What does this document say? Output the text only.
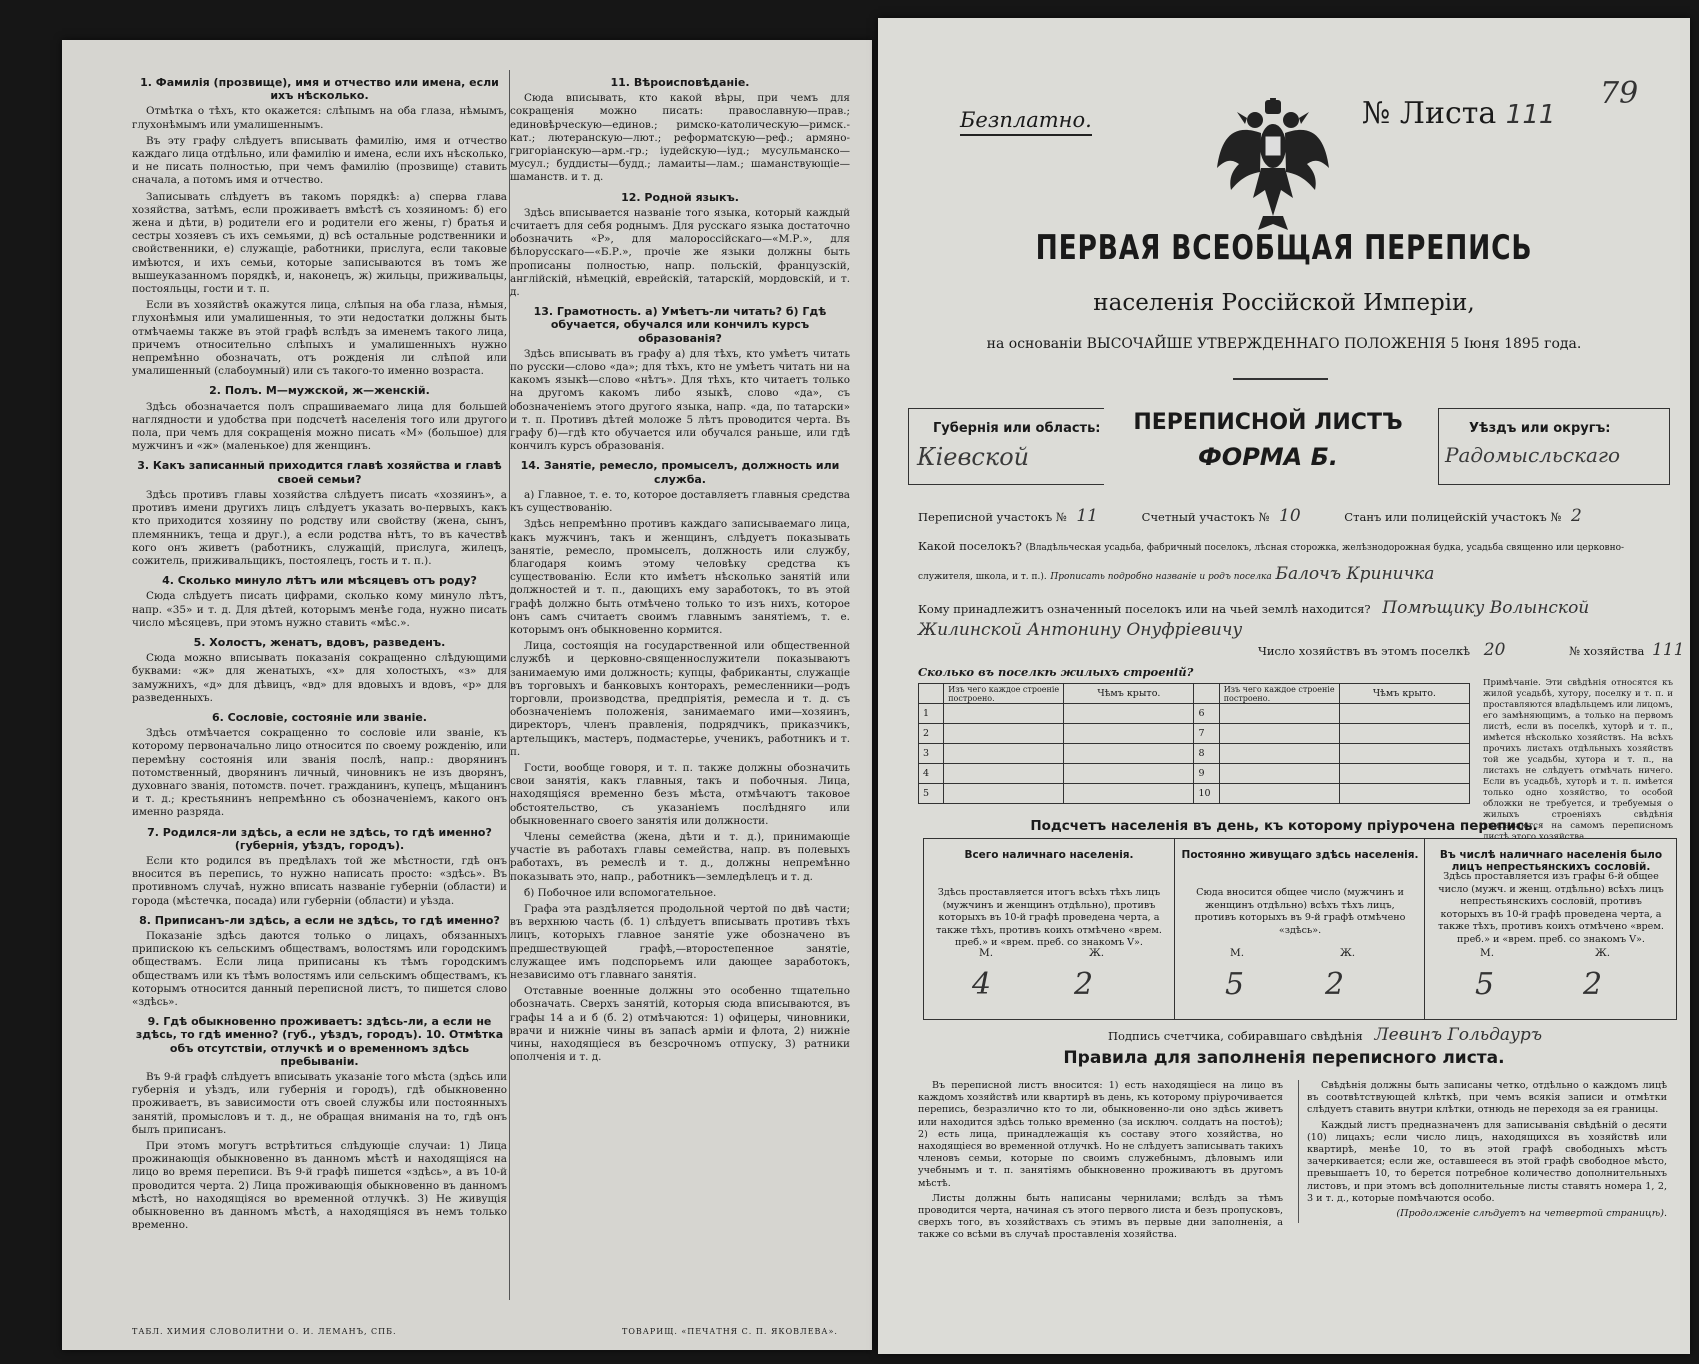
1. Фамилія (прозвище), имя и отчество или имена, если ихъ нѣсколько.

Отмѣтка о тѣхъ, кто окажется: слѣпымъ на оба глаза, нѣмымъ, глухонѣмымъ или умалишеннымъ.

Въ эту графу слѣдуетъ вписывать фамилію, имя и отчество каждаго лица отдѣльно, или фамилію и имена, если ихъ нѣсколько, и не писать полностью, при чемъ фамилію (прозвище) ставить сначала, а потомъ имя и отчество.

Записывать слѣдуетъ въ такомъ порядкѣ: а) сперва глава хозяйства, затѣмъ, если проживаетъ вмѣстѣ съ хозяиномъ: б) его жена и дѣти, в) родители его и родители его жены, г) братья и сестры хозяевъ съ ихъ семьями, д) всѣ остальные родственники и свойственники, е) служащіе, работники, прислуга, если таковые имѣются, и ихъ семьи, которые записываются въ томъ же вышеуказанномъ порядкѣ, и, наконецъ, ж) жильцы, приживальцы, постояльцы, гости и т. п.

Если въ хозяйствѣ окажутся лица, слѣпыя на оба глаза, нѣмыя, глухонѣмыя или умалишенныя, то эти недостатки должны быть отмѣчаемы также въ этой графѣ вслѣдъ за именемъ такого лица, причемъ относительно слѣпыхъ и умалишенныхъ нужно непремѣнно обозначать, отъ рожденія ли слѣпой или умалишенный (слабоумный) или съ такого-то именно возраста.

2. Полъ. М—мужской, ж—женскій.

Здѣсь обозначается полъ спрашиваемаго лица для большей наглядности и удобства при подсчетѣ населенія того или другого пола, при чемъ для сокращенія можно писать «М» (большое) для мужчинъ и «ж» (маленькое) для женщинъ.

3. Какъ записанный приходится главѣ хозяйства и главѣ своей семьи?

Здѣсь противъ главы хозяйства слѣдуетъ писать «хозяинъ», а противъ имени другихъ лицъ слѣдуетъ указать во-первыхъ, какъ кто приходится хозяину по родству или свойству (жена, сынъ, племянникъ, теща и друг.), а если родства нѣтъ, то въ качествѣ кого онъ живетъ (работникъ, служащій, прислуга, жилецъ, сожитель, приживальщикъ, постоялецъ, гость и т. п.).

4. Сколько минуло лѣтъ или мѣсяцевъ отъ роду?

Сюда слѣдуетъ писать цифрами, сколько кому минуло лѣтъ, напр. «35» и т. д. Для дѣтей, которымъ менѣе года, нужно писать число мѣсяцевъ, при этомъ нужно ставить «мѣс.».

5. Холостъ, женатъ, вдовъ, разведенъ.

Сюда можно вписывать показанія сокращенно слѣдующими буквами: «ж» для женатыхъ, «х» для холостыхъ, «з» для замужнихъ, «д» для дѣвицъ, «вд» для вдовыхъ и вдовъ, «р» для разведенныхъ.

6. Сословіе, состояніе или званіе.

Здѣсь отмѣчается сокращенно то сословіе или званіе, къ которому первоначально лицо относится по своему рожденію, или перемѣну состоянія или званія послѣ, напр.: дворянинъ потомственный, дворянинъ личный, чиновникъ не изъ дворянъ, духовнаго званія, потомств. почет. гражданинъ, купецъ, мѣщанинъ и т. д.; крестьянинъ непремѣнно съ обозначеніемъ, какого онъ именно разряда.

7. Родился-ли здѣсь, а если не здѣсь, то гдѣ именно? (губернія, уѣздъ, городъ).

Если кто родился въ предѣлахъ той же мѣстности, гдѣ онъ вносится въ перепись, то нужно написать просто: «здѣсь». Въ противномъ случаѣ, нужно вписать названіе губерніи (области) и города (мѣстечка, посада) или губерніи (области) и уѣзда.

8. Приписанъ-ли здѣсь, а если не здѣсь, то гдѣ именно?

Показаніе здѣсь даются только о лицахъ, обязанныхъ припискою къ сельскимъ обществамъ, волостямъ или городскимъ обществамъ. Если лица приписаны къ тѣмъ городскимъ обществамъ или къ тѣмъ волостямъ или сельскимъ обществамъ, къ которымъ относится данный переписной листъ, то пишется слово «здѣсь».

9. Гдѣ обыкновенно проживаетъ: здѣсь-ли, а если не здѣсь, то гдѣ именно? (губ., уѣздъ, городъ). 10. Отмѣтка объ отсутствіи, отлучкѣ и о временномъ здѣсь пребываніи.

Въ 9-й графѣ слѣдуетъ вписывать указаніе того мѣста (здѣсь или губернія и уѣздъ, или губернія и городъ), гдѣ обыкновенно проживаетъ, въ зависимости отъ своей службы или постоянныхъ занятій, промысловъ и т. д., не обращая вниманія на то, гдѣ онъ былъ приписанъ.

При этомъ могутъ встрѣтиться слѣдующіе случаи: 1) Лица прожинающія обыкновенно въ данномъ мѣстѣ и находящіяся на лицо во время переписи. Въ 9-й графѣ пишется «здѣсь», а въ 10-й проводится черта. 2) Лица проживающія обыкновенно въ данномъ мѣстѣ, но находящіяся во временной отлучкѣ. 3) Не живущія обыкновенно въ данномъ мѣстѣ, а находящіяся въ немъ только временно.

11. Вѣроисповѣданіе.

Сюда вписывать, кто какой вѣры, при чемъ для сокращенія можно писать: православную—прав.; единовѣрческую—единов.; римско-католическую—римск.-кат.; лютеранскую—лют.; реформатскую—реф.; армяно-григоріанскую—арм.-гр.; іудейскую—іуд.; мусульманско—мусул.; буддисты—будд.; ламаиты—лам.; шаманствующіе—шаманств. и т. д.

12. Родной языкъ.

Здѣсь вписывается названіе того языка, который каждый считаетъ для себя роднымъ. Для русскаго языка достаточно обозначить «Р», для малороссійскаго—«М.Р.», для бѣлорусскаго—«Б.Р.», прочіе же языки должны быть прописаны полностью, напр. польскій, французскій, англійскій, нѣмецкій, еврейскій, татарскій, мордовскій, и т. д.

13. Грамотность. а) Умѣетъ-ли читать? б) Гдѣ обучается, обучался или кончилъ курсъ образованія?

Здѣсь вписывать въ графу а) для тѣхъ, кто умѣетъ читать по русски—слово «да»; для тѣхъ, кто не умѣетъ читать ни на какомъ языкѣ—слово «нѣтъ». Для тѣхъ, кто читаетъ только на другомъ какомъ либо языкѣ, слово «да», съ обозначеніемъ этого другого языка, напр. «да, по татарски» и т. п. Противъ дѣтей моложе 5 лѣтъ проводится черта. Въ графу б)—гдѣ кто обучается или обучался раньше, или гдѣ кончилъ курсъ образованія.

14. Занятіе, ремесло, промыселъ, должность или служба.

а) Главное, т. е. то, которое доставляетъ главныя средства къ существованію.

Здѣсь непремѣнно противъ каждаго записываемаго лица, какъ мужчинъ, такъ и женщинъ, слѣдуетъ показывать занятіе, ремесло, промыселъ, должность или службу, благодаря коимъ этому человѣку средства къ существованію. Если кто имѣетъ нѣсколько занятій или должностей и т. п., дающихъ ему заработокъ, то въ этой графѣ должно быть отмѣчено только то изъ нихъ, которое онъ самъ считаетъ своимъ главнымъ занятіемъ, т. е. которымъ онъ обыкновенно кормится.

Лица, состоящія на государственной или общественной службѣ и церковно-священнослужители показываютъ занимаемую ими должность; купцы, фабриканты, служащіе въ торговыхъ и банковыхъ конторахъ, ремесленники—родъ торговли, производства, предпріятія, ремесла и т. д. съ обозначеніемъ положенія, занимаемаго ими—хозяинъ, директоръ, членъ правленія, подрядчикъ, приказчикъ, артельщикъ, мастеръ, подмастерье, ученикъ, работникъ и т. п.

Гости, вообще говоря, и т. п. также должны обозначить свои занятія, какъ главныя, такъ и побочныя. Лица, находящіяся временно безъ мѣста, отмѣчаютъ таковое обстоятельство, съ указаніемъ послѣдняго или обыкновеннаго своего занятія или должности.

Члены семейства (жена, дѣти и т. д.), принимающіе участіе въ работахъ главы семейства, напр. въ полевыхъ работахъ, въ ремеслѣ и т. д., должны непремѣнно показывать это, напр., работникъ—земледѣлецъ и т. д.

б) Побочное или вспомогательное.

Графа эта раздѣляется продольной чертой по двѣ части; въ верхнюю часть (б. 1) слѣдуетъ вписывать противъ тѣхъ лицъ, которыхъ главное занятіе уже обозначено въ предшествующей графѣ,—второстепенное занятіе, служащее имъ подспорьемъ или дающее заработокъ, независимо отъ главнаго занятія.

Отставные военные должны это особенно тщательно обозначать. Сверхъ занятій, которыя сюда вписываются, въ графы 14 а и б (б. 2) отмѣчаются: 1) офицеры, чиновники, врачи и нижніе чины въ запасѣ арміи и флота, 2) нижніе чины, находящіеся въ безсрочномъ отпуску, 3) ратники ополченія и т. д.

ТАБЛ. ХИМИЯ СЛОВОЛИТНИ О. И. ЛЕМАНЪ, СПБ.	ТОВАРИЩ. «ПЕЧАТНЯ С. П. ЯКОВЛЕВА».
Безплатно.	№ Листа 111
79
ПЕРВАЯ ВСЕОБЩАЯ ПЕРЕПИСЬ
населенія Россійской Имперіи,
на основаніи ВЫСОЧАЙШЕ УТВЕРЖДЕННАГО ПОЛОЖЕНІЯ 5 Іюня 1895 года.
Губернія или область:
Кіевской
ПЕРЕПИСНОЙ ЛИСТЪ
ФОРМА Б.
Уѣздъ или округъ:
Радомысльскаго
Переписной участокъ № 11	Счетный участокъ № 10	Станъ или полицейскій участокъ № 2
Какой поселокъ? (Владѣльческая усадьба, фабричный поселокъ, лѣсная сторожка, желѣзнодорожная будка, усадьба священно или церковно-служителя, школа, и т. п.). Прописать подробно названіе и родъ поселка Балочъ Криничка
Кому принадлежитъ означенный поселокъ или на чьей землѣ находится? Помѣщику Волынской
Жилинской Антонину Онуфріевичу
Число хозяйствъ въ этомъ поселкѣ 20	№ хозяйства 111
Сколько въ поселкѣ жилыхъ строеній?
	Изъ чего каждое строеніе построено.	Чѣмъ крыто.		Изъ чего каждое строеніе построено.	Чѣмъ крыто.
1			6		
2			7		
3			8		
4			9		
5			10		
Примѣчаніе. Эти свѣдѣнія относятся къ жилой усадьбѣ, хутору, поселку и т. п. и проставляются владѣльцемъ или лицомъ, его замѣняющимъ, а только на первомъ листѣ, если въ поселкѣ, хуторѣ и т. п., имѣется нѣсколько хозяйствъ. На всѣхъ прочихъ листахъ отдѣльныхъ хозяйствъ той же усадьбы, хутора и т. п., на листахъ не слѣдуетъ отмѣчать ничего. Если въ усадьбѣ, хуторѣ и т. п. имѣется только одно хозяйство, то особой обложки не требуется, и требуемыя о жилыхъ строеніяхъ свѣдѣнія вписываются на самомъ переписномъ листѣ этого хозяйства.
Подсчетъ населенія въ день, къ которому пріурочена перепись.
Всего наличнаго населенія.
Здѣсь проставляется итогъ всѣхъ тѣхъ лицъ (мужчинъ и женщинъ отдѣльно), противъ которыхъ въ 10-й графѣ проведена черта, а также тѣхъ, противъ коихъ отмѣчено «врем. преб.» и «врем. преб. со знакомъ V».
М.	Ж.
4	2
Постоянно живущаго здѣсь населенія.
Сюда вносится общее число (мужчинъ и женщинъ отдѣльно) всѣхъ тѣхъ лицъ, противъ которыхъ въ 9-й графѣ отмѣчено «здѣсь».
М.	Ж.
5	2
Въ числѣ наличнаго населенія было лицъ непрестьянскихъ сословій.
Здѣсь проставляется изъ графы 6-й общее число (мужч. и женщ. отдѣльно) всѣхъ лицъ непрестьянскихъ сословій, противъ которыхъ въ 10-й графѣ проведена черта, а также тѣхъ, противъ коихъ отмѣчено «врем. преб.» и «врем. преб. со знакомъ V».
М.	Ж.
5	2
Подпись счетчика, собиравшаго свѣдѣнія Левинъ Гольдауръ
Правила для заполненія переписного листа.

Въ переписной листъ вносится: 1) есть находящіеся на лицо въ каждомъ хозяйствѣ или квартирѣ въ день, къ которому пріурочивается перепись, безразлично кто то ли, обыкновенно-ли оно здѣсь живетъ или находится здѣсь только временно (за исключ. солдатъ на постоѣ); 2) есть лица, принадлежащія къ составу этого хозяйства, но находящіеся во временной отлучкѣ. Но не слѣдуетъ записывать такихъ членовъ семьи, которые по своимъ служебнымъ, дѣловымъ или учебнымъ и т. п. занятіямъ обыкновенно проживаютъ въ другомъ мѣстѣ.

Листы должны быть написаны чернилами; вслѣдъ за тѣмъ проводится черта, начиная съ этого первого листа и безъ пропусковъ, сверхъ того, въ хозяйствахъ съ этимъ въ первые дни заполненія, а также со всѣми въ случаѣ проставленія хозяйства.

Свѣдѣнія должны быть записаны четко, отдѣльно о каждомъ лицѣ въ соотвѣтствующей клѣткѣ, при чемъ всякія записи и отмѣтки слѣдуетъ ставить внутри клѣтки, отнюдь не переходя за ея границы.

Каждый листъ предназначенъ для записыванія свѣдѣній о десяти (10) лицахъ; если число лицъ, находящихся въ хозяйствѣ или квартирѣ, менѣе 10, то въ этой графѣ свободныхъ мѣстъ зачеркивается; если же, оставшееся въ этой графѣ свободное мѣсто, превышаетъ 10, то берется потребное количество дополнительныхъ листовъ, и при этомъ всѣ дополнительные листы ставятъ номера 1, 2, 3 и т. д., которые помѣчаются особо.

(Продолженіе слѣдуетъ на четвертой страницѣ).
